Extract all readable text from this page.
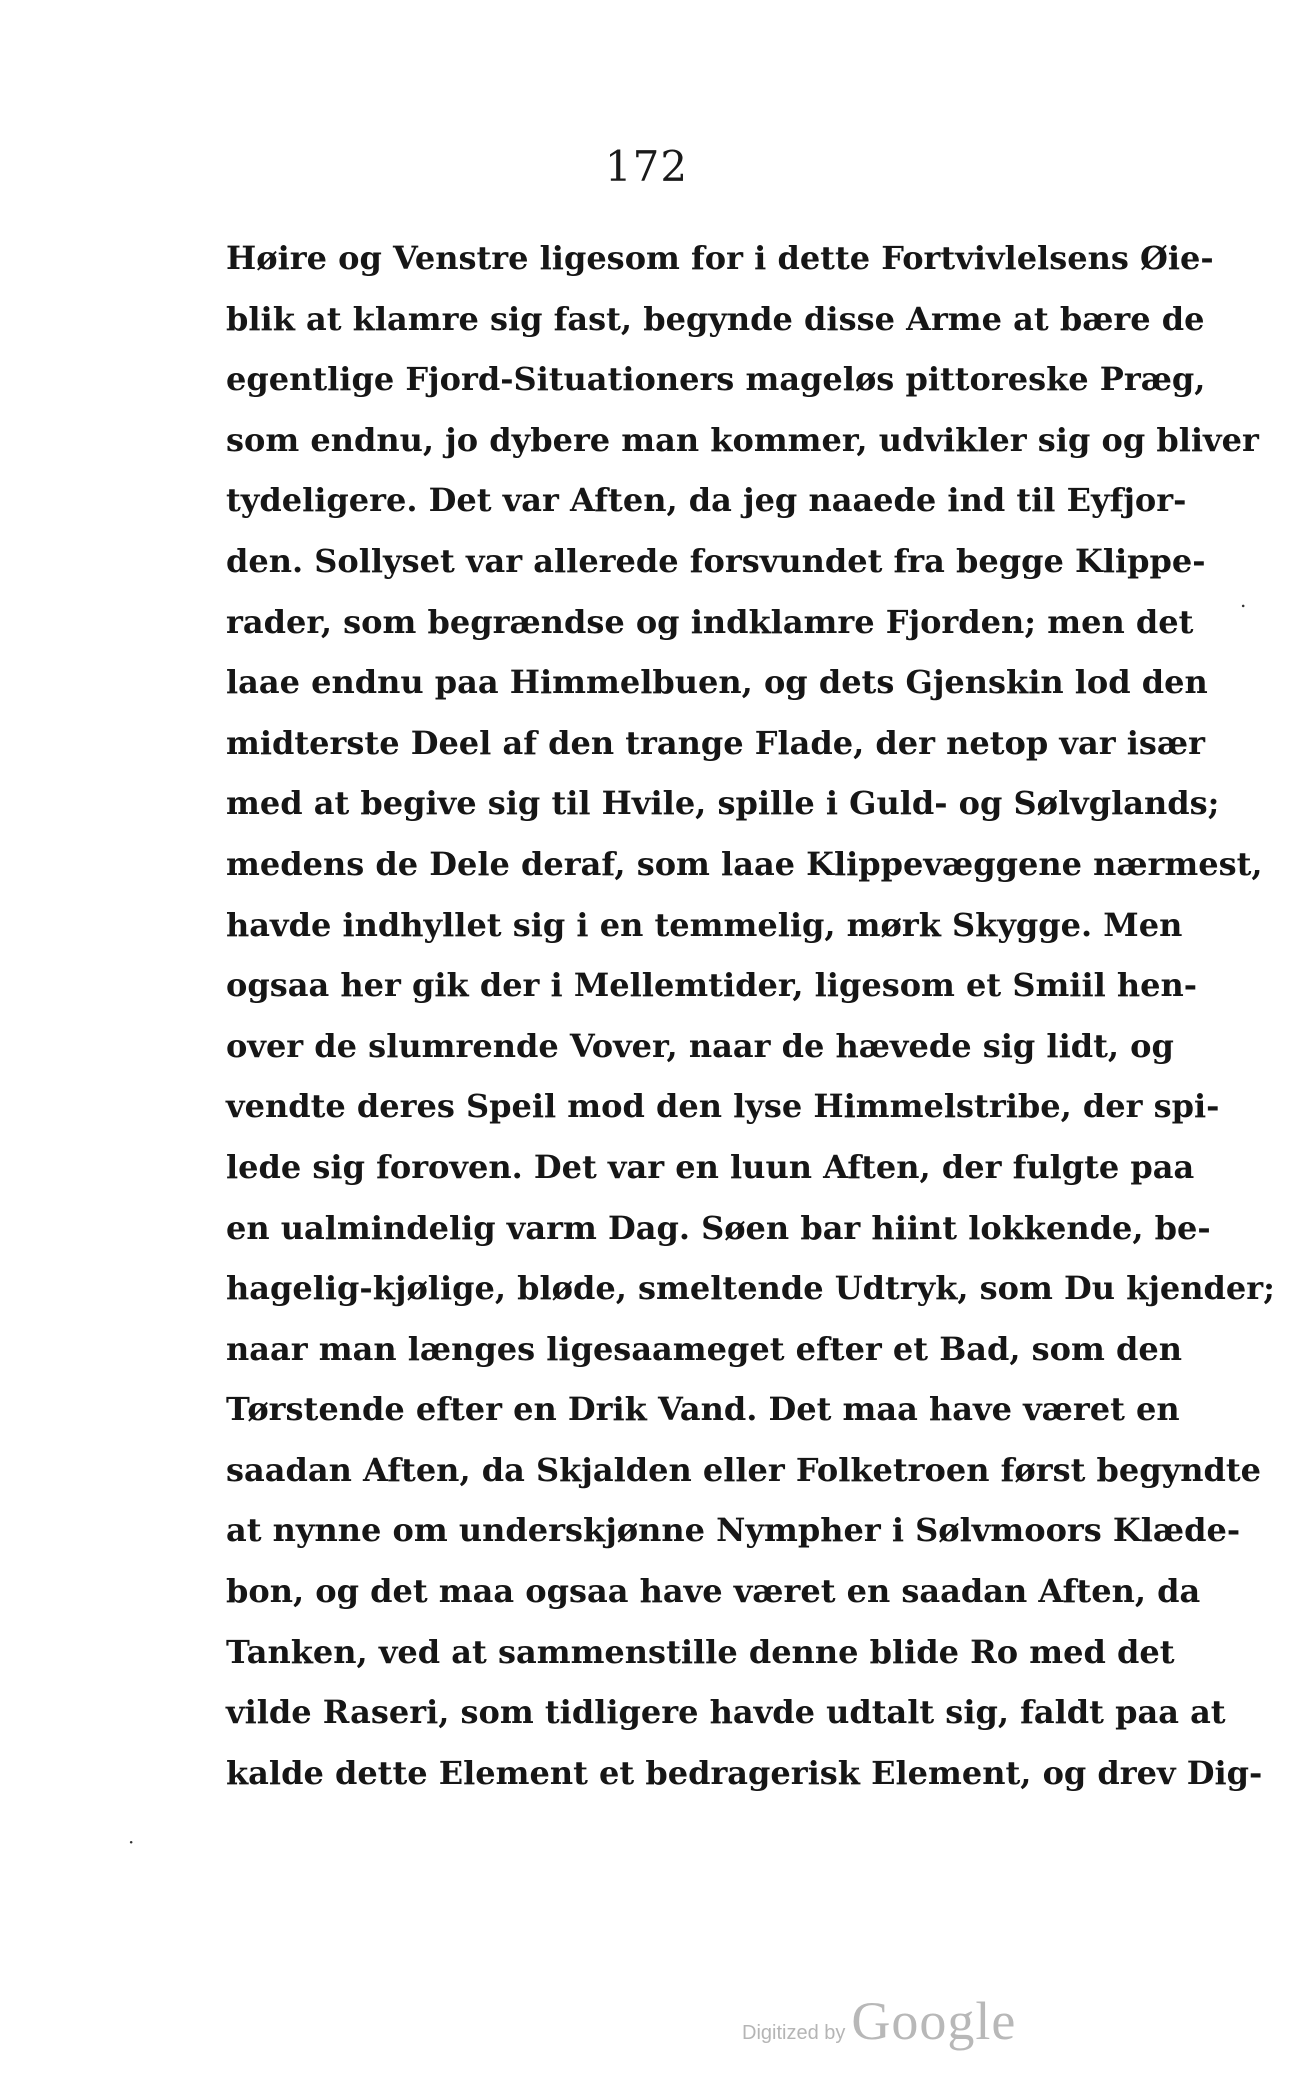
172
Høire og Venstre ligesom for i dette Fortvivlelsens Øie-
blik at klamre sig fast, begynde disse Arme at bære de
egentlige Fjord-Situationers mageløs pittoreske Præg,
som endnu, jo dybere man kommer, udvikler sig og bliver
tydeligere. Det var Aften, da jeg naaede ind til Eyfjor-
den. Sollyset var allerede forsvundet fra begge Klippe-
rader, som begrændse og indklamre Fjorden; men det
laae endnu paa Himmelbuen, og dets Gjenskin lod den
midterste Deel af den trange Flade, der netop var især
med at begive sig til Hvile, spille i Guld- og Sølvglands;
medens de Dele deraf, som laae Klippevæggene nærmest,
havde indhyllet sig i en temmelig, mørk Skygge. Men
ogsaa her gik der i Mellemtider, ligesom et Smiil hen-
over de slumrende Vover, naar de hævede sig lidt, og
vendte deres Speil mod den lyse Himmelstribe, der spi-
lede sig foroven. Det var en luun Aften, der fulgte paa
en ualmindelig varm Dag. Søen bar hiint lokkende, be-
hagelig-kjølige, bløde, smeltende Udtryk, som Du kjender;
naar man længes ligesaameget efter et Bad, som den
Tørstende efter en Drik Vand. Det maa have været en
saadan Aften, da Skjalden eller Folketroen først begyndte
at nynne om underskjønne Nympher i Sølvmoors Klæde-
bon, og det maa ogsaa have været en saadan Aften, da
Tanken, ved at sammenstille denne blide Ro med det
vilde Raseri, som tidligere havde udtalt sig, faldt paa at
kalde dette Element et bedragerisk Element, og drev Dig-
.
·
Digitized by Google
